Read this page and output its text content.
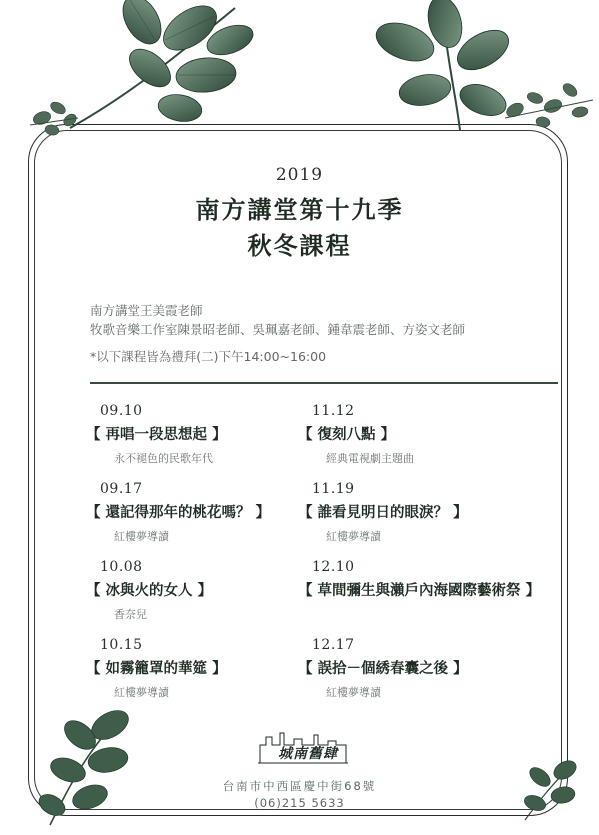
2019
南方講堂第十九季
秋冬課程
南方講堂王美霞老師
牧歌音樂工作室陳景昭老師、吳珮嘉老師、鍾韋震老師、方姿文老師
*以下課程皆為禮拜(二)下午14:00~16:00
09.10
【 再唱一段思想起 】
永不褪色的民歌年代
09.17
【 還記得那年的桃花嗎？ 】
紅樓夢導讀
10.08
【 冰與火的女人 】
香奈兒
10.15
【 如霧籠罩的華筵 】
紅樓夢導讀
11.12
【 復刻八點 】
經典電視劇主題曲
11.19
【 誰看見明日的眼淚？ 】
紅樓夢導讀
12.10
【 草間彌生與瀨戶內海國際藝術祭 】
12.17
【 誤拾－個綉春囊之後 】
紅樓夢導讀
城南舊肆
台南市中西區慶中街68號
(06)215 5633
